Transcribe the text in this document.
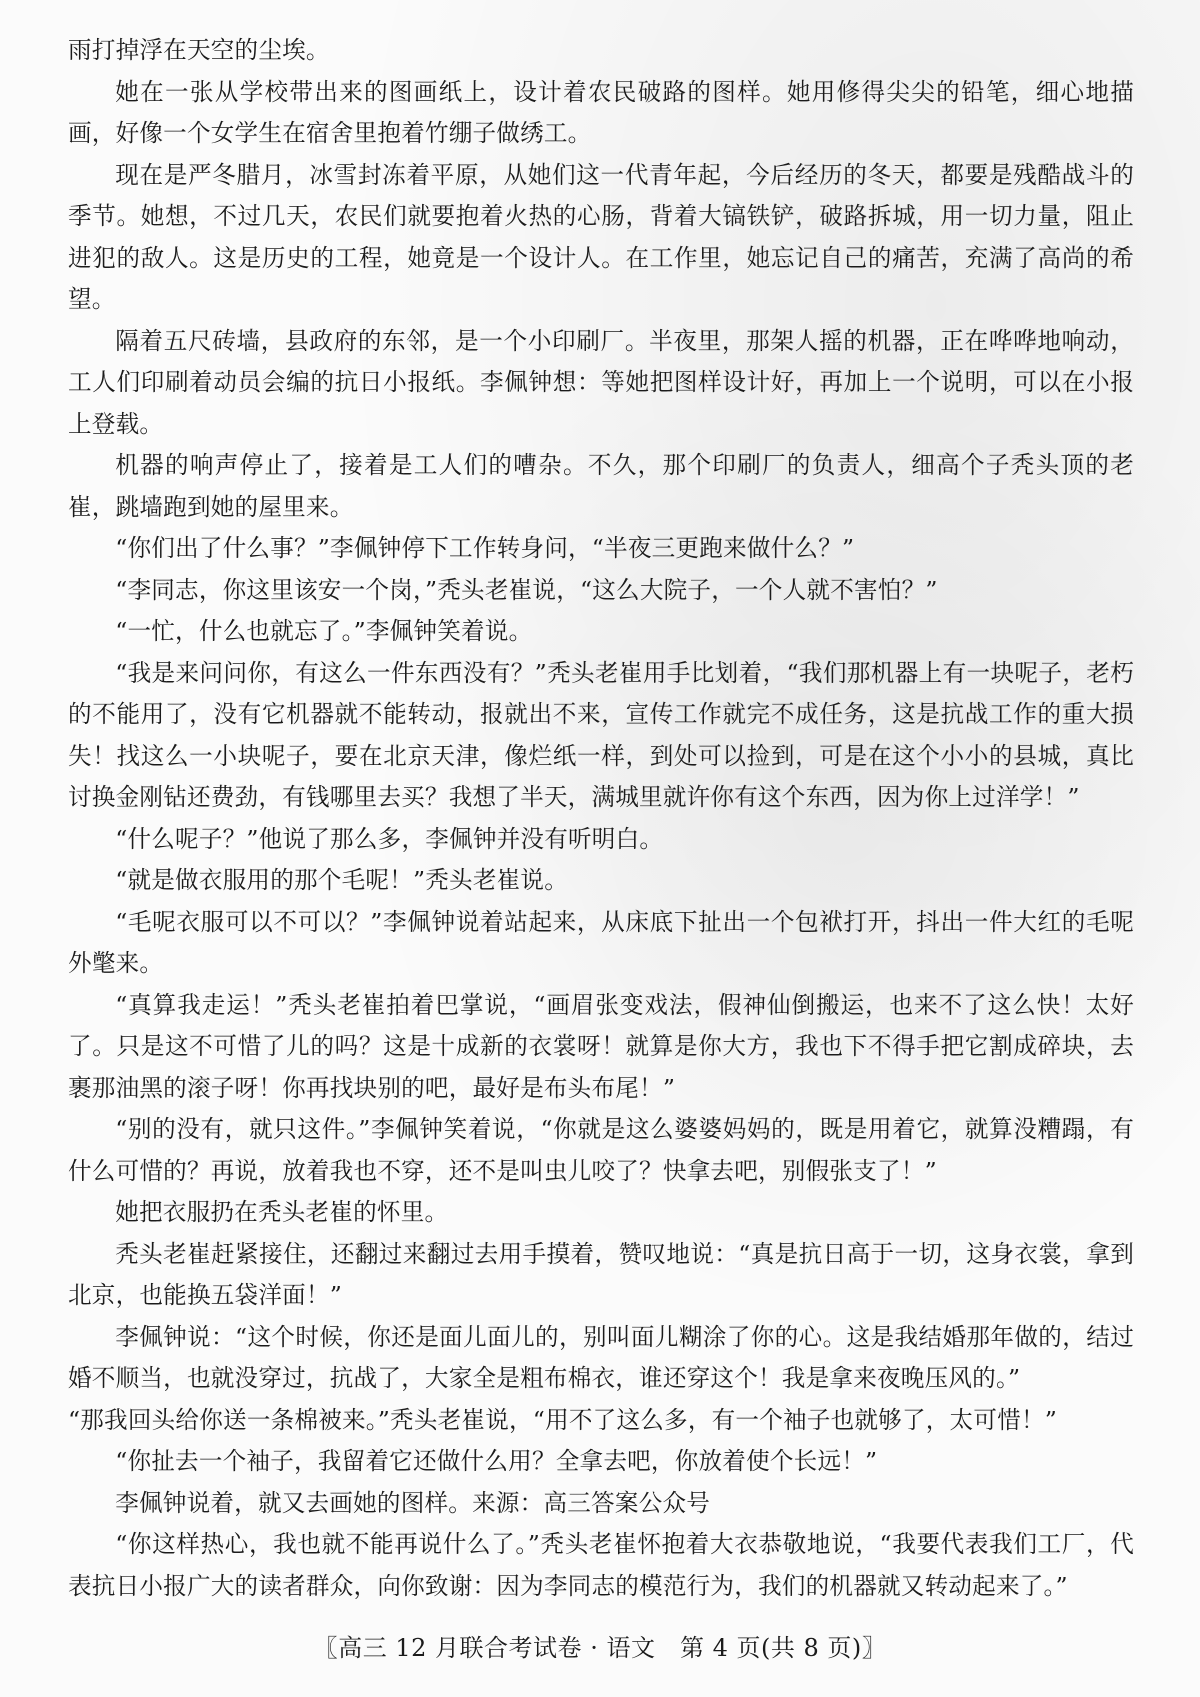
雨打掉浮在天空的尘埃。

她在一张从学校带出来的图画纸上，设计着农民破路的图样。她用修得尖尖的铅笔，细心地描画，好像一个女学生在宿舍里抱着竹绷子做绣工。

现在是严冬腊月，冰雪封冻着平原，从她们这一代青年起，今后经历的冬天，都要是残酷战斗的季节。她想，不过几天，农民们就要抱着火热的心肠，背着大镐铁铲，破路拆城，用一切力量，阻止进犯的敌人。这是历史的工程，她竟是一个设计人。在工作里，她忘记自己的痛苦，充满了高尚的希望。

隔着五尺砖墙，县政府的东邻，是一个小印刷厂。半夜里，那架人摇的机器，正在哗哗地响动，工人们印刷着动员会编的抗日小报纸。李佩钟想：等她把图样设计好，再加上一个说明，可以在小报上登载。

机器的响声停止了，接着是工人们的嘈杂。不久，那个印刷厂的负责人，细高个子秃头顶的老崔，跳墙跑到她的屋里来。

“你们出了什么事？”李佩钟停下工作转身问，“半夜三更跑来做什么？”

“李同志，你这里该安一个岗，”秃头老崔说，“这么大院子，一个人就不害怕？”

“一忙，什么也就忘了。”李佩钟笑着说。

“我是来问问你，有这么一件东西没有？”秃头老崔用手比划着，“我们那机器上有一块呢子，老朽的不能用了，没有它机器就不能转动，报就出不来，宣传工作就完不成任务，这是抗战工作的重大损失！找这么一小块呢子，要在北京天津，像烂纸一样，到处可以捡到，可是在这个小小的县城，真比讨换金刚钻还费劲，有钱哪里去买？我想了半天，满城里就许你有这个东西，因为你上过洋学！”

“什么呢子？”他说了那么多，李佩钟并没有听明白。

“就是做衣服用的那个毛呢！”秃头老崔说。

“毛呢衣服可以不可以？”李佩钟说着站起来，从床底下扯出一个包袱打开，抖出一件大红的毛呢外氅来。

“真算我走运！”秃头老崔拍着巴掌说，“画眉张变戏法，假神仙倒搬运，也来不了这么快！太好了。只是这不可惜了儿的吗？这是十成新的衣裳呀！就算是你大方，我也下不得手把它割成碎块，去裹那油黑的滚子呀！你再找块别的吧，最好是布头布尾！”

“别的没有，就只这件。”李佩钟笑着说，“你就是这么婆婆妈妈的，既是用着它，就算没糟蹋，有什么可惜的？再说，放着我也不穿，还不是叫虫儿咬了？快拿去吧，别假张支了！”

她把衣服扔在秃头老崔的怀里。

秃头老崔赶紧接住，还翻过来翻过去用手摸着，赞叹地说：“真是抗日高于一切，这身衣裳，拿到北京，也能换五袋洋面！”

李佩钟说：“这个时候，你还是面儿面儿的，别叫面儿糊涂了你的心。这是我结婚那年做的，结过婚不顺当，也就没穿过，抗战了，大家全是粗布棉衣，谁还穿这个！我是拿来夜晚压风的。”

“那我回头给你送一条棉被来。”秃头老崔说，“用不了这么多，有一个袖子也就够了，太可惜！”

“你扯去一个袖子，我留着它还做什么用？全拿去吧，你放着使个长远！”

李佩钟说着，就又去画她的图样。来源：高三答案公众号

“你这样热心，我也就不能再说什么了。”秃头老崔怀抱着大衣恭敬地说，“我要代表我们工厂，代表抗日小报广大的读者群众，向你致谢：因为李同志的模范行为，我们的机器就又转动起来了。”

〖高三 12 月联合考试卷 · 语文　第 4 页(共 8 页)〗
